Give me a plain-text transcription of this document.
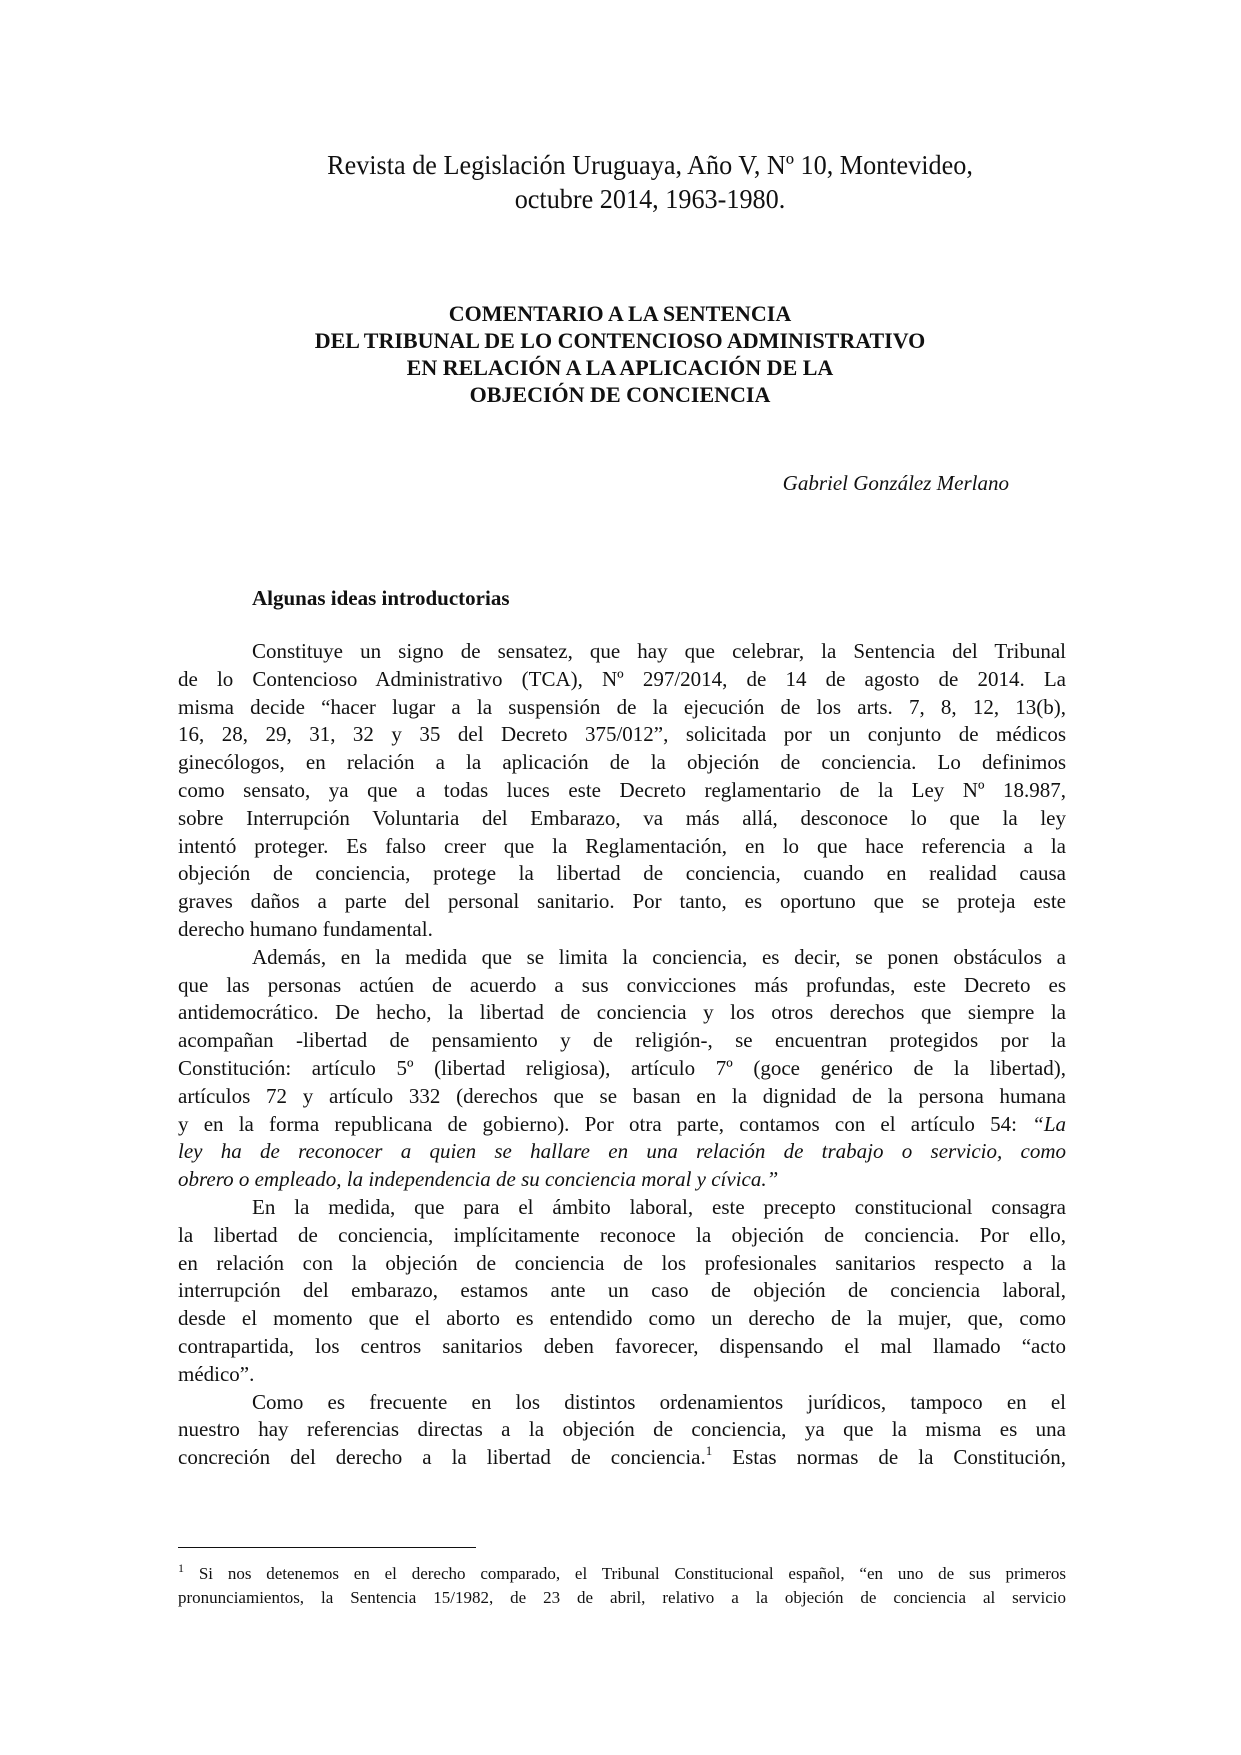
Revista de Legislación Uruguaya, Año V, Nº 10, Montevideo,
octubre 2014, 1963-1980.
COMENTARIO A LA SENTENCIA
DEL TRIBUNAL DE LO CONTENCIOSO ADMINISTRATIVO
EN RELACIÓN A LA APLICACIÓN DE LA
OBJECIÓN DE CONCIENCIA
Gabriel González Merlano
Algunas ideas introductorias
Constituye un signo de sensatez, que hay que celebrar, la Sentencia del Tribunal
de lo Contencioso Administrativo (TCA), Nº 297/2014, de 14 de agosto de 2014. La
misma decide “hacer lugar a la suspensión de la ejecución de los arts. 7, 8, 12, 13(b),
16, 28, 29, 31, 32 y 35 del Decreto 375/012”, solicitada por un conjunto de médicos
ginecólogos, en relación a la aplicación de la objeción de conciencia. Lo definimos
como sensato, ya que a todas luces este Decreto reglamentario de la Ley Nº 18.987,
sobre Interrupción Voluntaria del Embarazo, va más allá, desconoce lo que la ley
intentó proteger. Es falso creer que la Reglamentación, en lo que hace referencia a la
objeción de conciencia, protege la libertad de conciencia, cuando en realidad causa
graves daños a parte del personal sanitario. Por tanto, es oportuno que se proteja este
derecho humano fundamental.
Además, en la medida que se limita la conciencia, es decir, se ponen obstáculos a
que las personas actúen de acuerdo a sus convicciones más profundas, este Decreto es
antidemocrático. De hecho, la libertad de conciencia y los otros derechos que siempre la
acompañan -libertad de pensamiento y de religión-, se encuentran protegidos por la
Constitución: artículo 5º (libertad religiosa), artículo 7º (goce genérico de la libertad),
artículos 72 y artículo 332 (derechos que se basan en la dignidad de la persona humana
y en la forma republicana de gobierno). Por otra parte, contamos con el artículo 54: “La
ley ha de reconocer a quien se hallare en una relación de trabajo o servicio, como
obrero o empleado, la independencia de su conciencia moral y cívica.”
En la medida, que para el ámbito laboral, este precepto constitucional consagra
la libertad de conciencia, implícitamente reconoce la objeción de conciencia. Por ello,
en relación con la objeción de conciencia de los profesionales sanitarios respecto a la
interrupción del embarazo, estamos ante un caso de objeción de conciencia laboral,
desde el momento que el aborto es entendido como un derecho de la mujer, que, como
contrapartida, los centros sanitarios deben favorecer, dispensando el mal llamado “acto
médico”.
Como es frecuente en los distintos ordenamientos jurídicos, tampoco en el
nuestro hay referencias directas a la objeción de conciencia, ya que la misma es una
concreción del derecho a la libertad de conciencia.$^1$ Estas normas de la Constitución,
$^1$ Si nos detenemos en el derecho comparado, el Tribunal Constitucional español, “en uno de sus primeros
pronunciamientos, la Sentencia 15/1982, de 23 de abril, relativo a la objeción de conciencia al servicio
